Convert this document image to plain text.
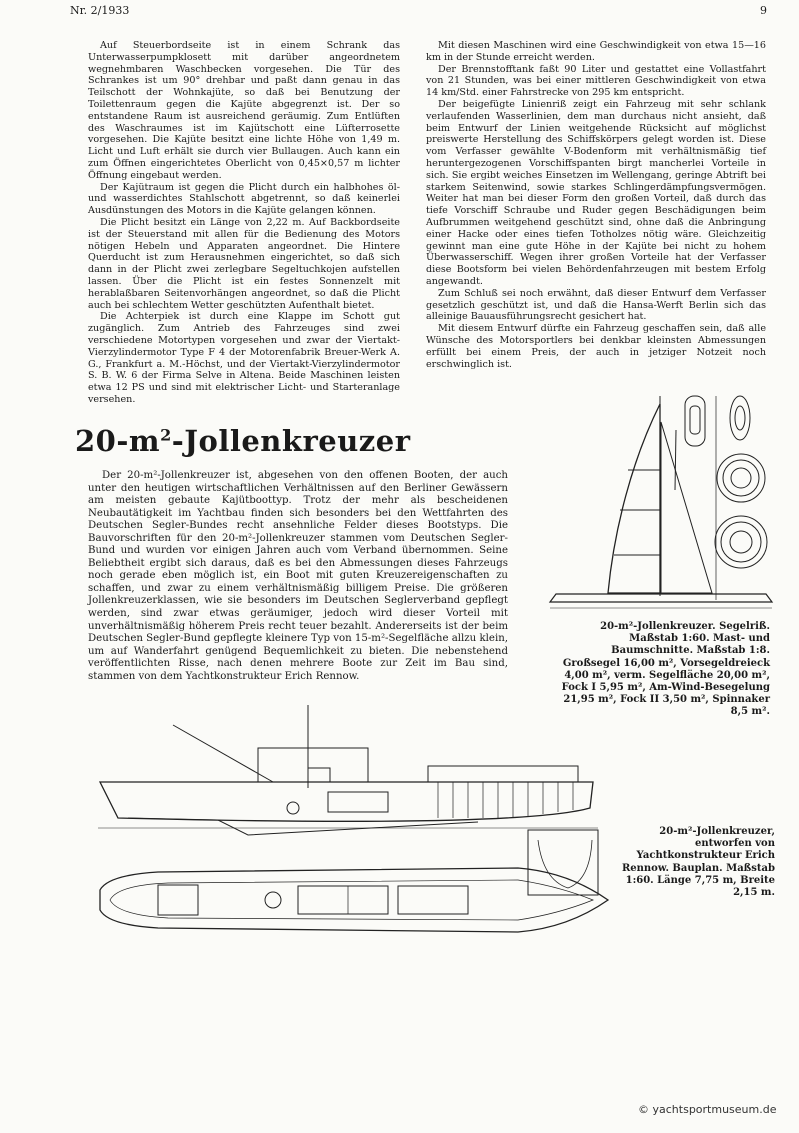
Nr. 2/1933	9

Auf Steuerbordseite ist in einem Schrank das Unterwasserpumpklosett mit darüber angeordnetem wegnehmbaren Waschbecken vorgesehen. Die Tür des Schrankes ist um 90° drehbar und paßt dann genau in das Teilschott der Wohnkajüte, so daß bei Benutzung der Toilettenraum gegen die Kajüte abgegrenzt ist. Der so entstandene Raum ist ausreichend geräumig. Zum Entlüften des Waschraumes ist im Kajütschott eine Lüfterrosette vorgesehen. Die Kajüte besitzt eine lichte Höhe von 1,49 m. Licht und Luft erhält sie durch vier Bullaugen. Auch kann ein zum Öffnen eingerichtetes Oberlicht von 0,45×0,57 m lichter Öffnung eingebaut werden.

Der Kajütraum ist gegen die Plicht durch ein halbhohes öl- und wasserdichtes Stahlschott abgetrennt, so daß keinerlei Ausdünstungen des Motors in die Kajüte gelangen können.

Die Plicht besitzt ein Länge von 2,22 m. Auf Backbordseite ist der Steuerstand mit allen für die Bedienung des Motors nötigen Hebeln und Apparaten angeordnet. Die Hintere Querducht ist zum Herausnehmen eingerichtet, so daß sich dann in der Plicht zwei zerlegbare Segeltuchkojen aufstellen lassen. Über die Plicht ist ein festes Sonnenzelt mit herablaßbaren Seitenvorhängen angeordnet, so daß die Plicht auch bei schlechtem Wetter geschützten Aufenthalt bietet.

Die Achterpiek ist durch eine Klappe im Schott gut zugänglich. Zum Antrieb des Fahrzeuges sind zwei verschiedene Motortypen vorgesehen und zwar der Viertakt-Vierzylindermotor Type F 4 der Motorenfabrik Breuer-Werk A. G., Frankfurt a. M.-Höchst, und der Viertakt-Vierzylindermotor S. B. W. 6 der Firma Selve in Altena. Beide Maschinen leisten etwa 12 PS und sind mit elektrischer Licht- und Starteranlage versehen.

Mit diesen Maschinen wird eine Geschwindigkeit von etwa 15—16 km in der Stunde erreicht werden.

Der Brennstofftank faßt 90 Liter und gestattet eine Vollastfahrt von 21 Stunden, was bei einer mittleren Geschwindigkeit von etwa 14 km/Std. einer Fahrstrecke von 295 km entspricht.

Der beigefügte Linienriß zeigt ein Fahrzeug mit sehr schlank verlaufenden Wasserlinien, dem man durchaus nicht ansieht, daß beim Entwurf der Linien weitgehende Rücksicht auf möglichst preiswerte Herstellung des Schiffskörpers gelegt worden ist. Diese vom Verfasser gewählte V-Bodenform mit verhältnismäßig tief heruntergezogenen Vorschiffspanten birgt mancherlei Vorteile in sich. Sie ergibt weiches Einsetzen im Wellengang, geringe Abtrift bei starkem Seitenwind, sowie starkes Schlingerdämpfungsvermögen. Weiter hat man bei dieser Form den großen Vorteil, daß durch das tiefe Vorschiff Schraube und Ruder gegen Beschädigungen beim Aufbrummen weitgehend geschützt sind, ohne daß die Anbringung einer Hacke oder eines tiefen Totholzes nötig wäre. Gleichzeitig gewinnt man eine gute Höhe in der Kajüte bei nicht zu hohem Überwasserschiff. Wegen ihrer großen Vorteile hat der Verfasser diese Bootsform bei vielen Behördenfahrzeugen mit bestem Erfolg angewandt.

Zum Schluß sei noch erwähnt, daß dieser Entwurf dem Verfasser gesetzlich geschützt ist, und daß die Hansa-Werft Berlin sich das alleinige Bauausführungsrecht gesichert hat.

Mit diesem Entwurf dürfte ein Fahrzeug geschaffen sein, daß alle Wünsche des Motorsportlers bei denkbar kleinsten Abmessungen erfüllt bei einem Preis, der auch in jetziger Notzeit noch erschwinglich ist.

$20-m^2$-Jollenkreuzer

Der 20-m²-Jollenkreuzer ist, abgesehen von den offenen Booten, der auch unter den heutigen wirtschaftlichen Verhältnissen auf den Berliner Gewässern am meisten gebaute Kajütboottyp. Trotz der mehr als bescheidenen Neubautätigkeit im Yachtbau finden sich besonders bei den Wettfahrten des Deutschen Segler-Bundes recht ansehnliche Felder dieses Bootstyps. Die Bauvorschriften für den 20-m²-Jollenkreuzer stammen vom Deutschen Segler-Bund und wurden vor einigen Jahren auch vom Verband übernommen. Seine Beliebtheit ergibt sich daraus, daß es bei den Abmessungen dieses Fahrzeugs noch gerade eben möglich ist, ein Boot mit guten Kreuzereigenschaften zu schaffen, und zwar zu einem verhältnismäßig billigem Preise. Die größeren Jollenkreuzerklassen, wie sie besonders im Deutschen Seglerverband gepflegt werden, sind zwar etwas geräumiger, jedoch wird dieser Vorteil mit unverhältnismäßig höherem Preis recht teuer bezahlt. Andererseits ist der beim Deutschen Segler-Bund gepflegte kleinere Typ von 15-m²-Segelfläche allzu klein, um auf Wanderfahrt genügend Bequemlichkeit zu bieten. Die nebenstehend veröffentlichten Risse, nach denen mehrere Boote zur Zeit im Bau sind, stammen von dem Yachtkonstrukteur Erich Rennow.

20-m²-Jollenkreuzer. Segelriß. Maßstab 1:60. Mast- und Baumschnitte. Maßstab 1:8. Großsegel 16,00 m², Vorsegeldreieck 4,00 m², verm. Segelfläche 20,00 m², Fock I 5,95 m², Am-Wind-Besegelung 21,95 m², Fock II 3,50 m², Spinnaker 8,5 m².
20-m²-Jollenkreuzer, entworfen von Yachtkonstrukteur Erich Rennow. Bauplan. Maßstab 1:60. Länge 7,75 m, Breite 2,15 m.
© yachtsportmuseum.de
